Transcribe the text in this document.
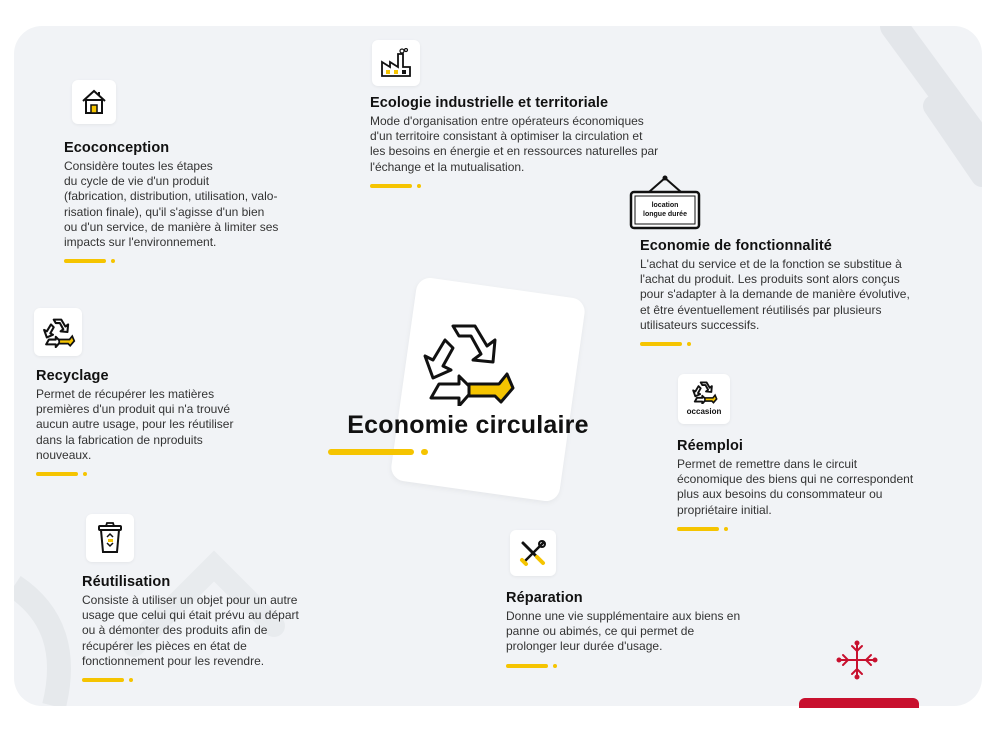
Economie circulaire
Ecoconception

Considère toutes les étapes
du cycle de vie d'un produit
(fabrication, distribution, utilisation, valo-
risation finale), qu'il s'agisse d'un bien
ou d'un service, de manière à limiter ses
impacts sur l'environnement.

Ecologie industrielle et territoriale

Mode d'organisation entre opérateurs économiques
d'un territoire consistant à optimiser la circulation et
les besoins en énergie et en ressources naturelles par
l'échange et la mutualisation.

location
longue durée
Economie de fonctionnalité

L'achat du service et de la fonction se substitue à
l'achat du produit. Les produits sont alors conçus
pour s'adapter à la demande de manière évolutive,
et être éventuellement réutilisés par plusieurs
utilisateurs successifs.

Recyclage

Permet de récupérer les matières
premières d'un produit qui n'a trouvé
aucun autre usage, pour les réutiliser
dans la fabrication de nproduits
nouveaux.

occasion
Réemploi

Permet de remettre dans le circuit
économique des biens qui ne correspondent
plus aux besoins du consommateur ou
propriétaire initial.

Réutilisation

Consiste à utiliser un objet pour un autre
usage que celui qui était prévu au départ
ou à démonter des produits afin de
récupérer les pièces en état de
fonctionnement pour les revendre.

Réparation

Donne une vie supplémentaire aux biens en
panne ou abimés, ce qui permet de
prolonger leur durée d'usage.
